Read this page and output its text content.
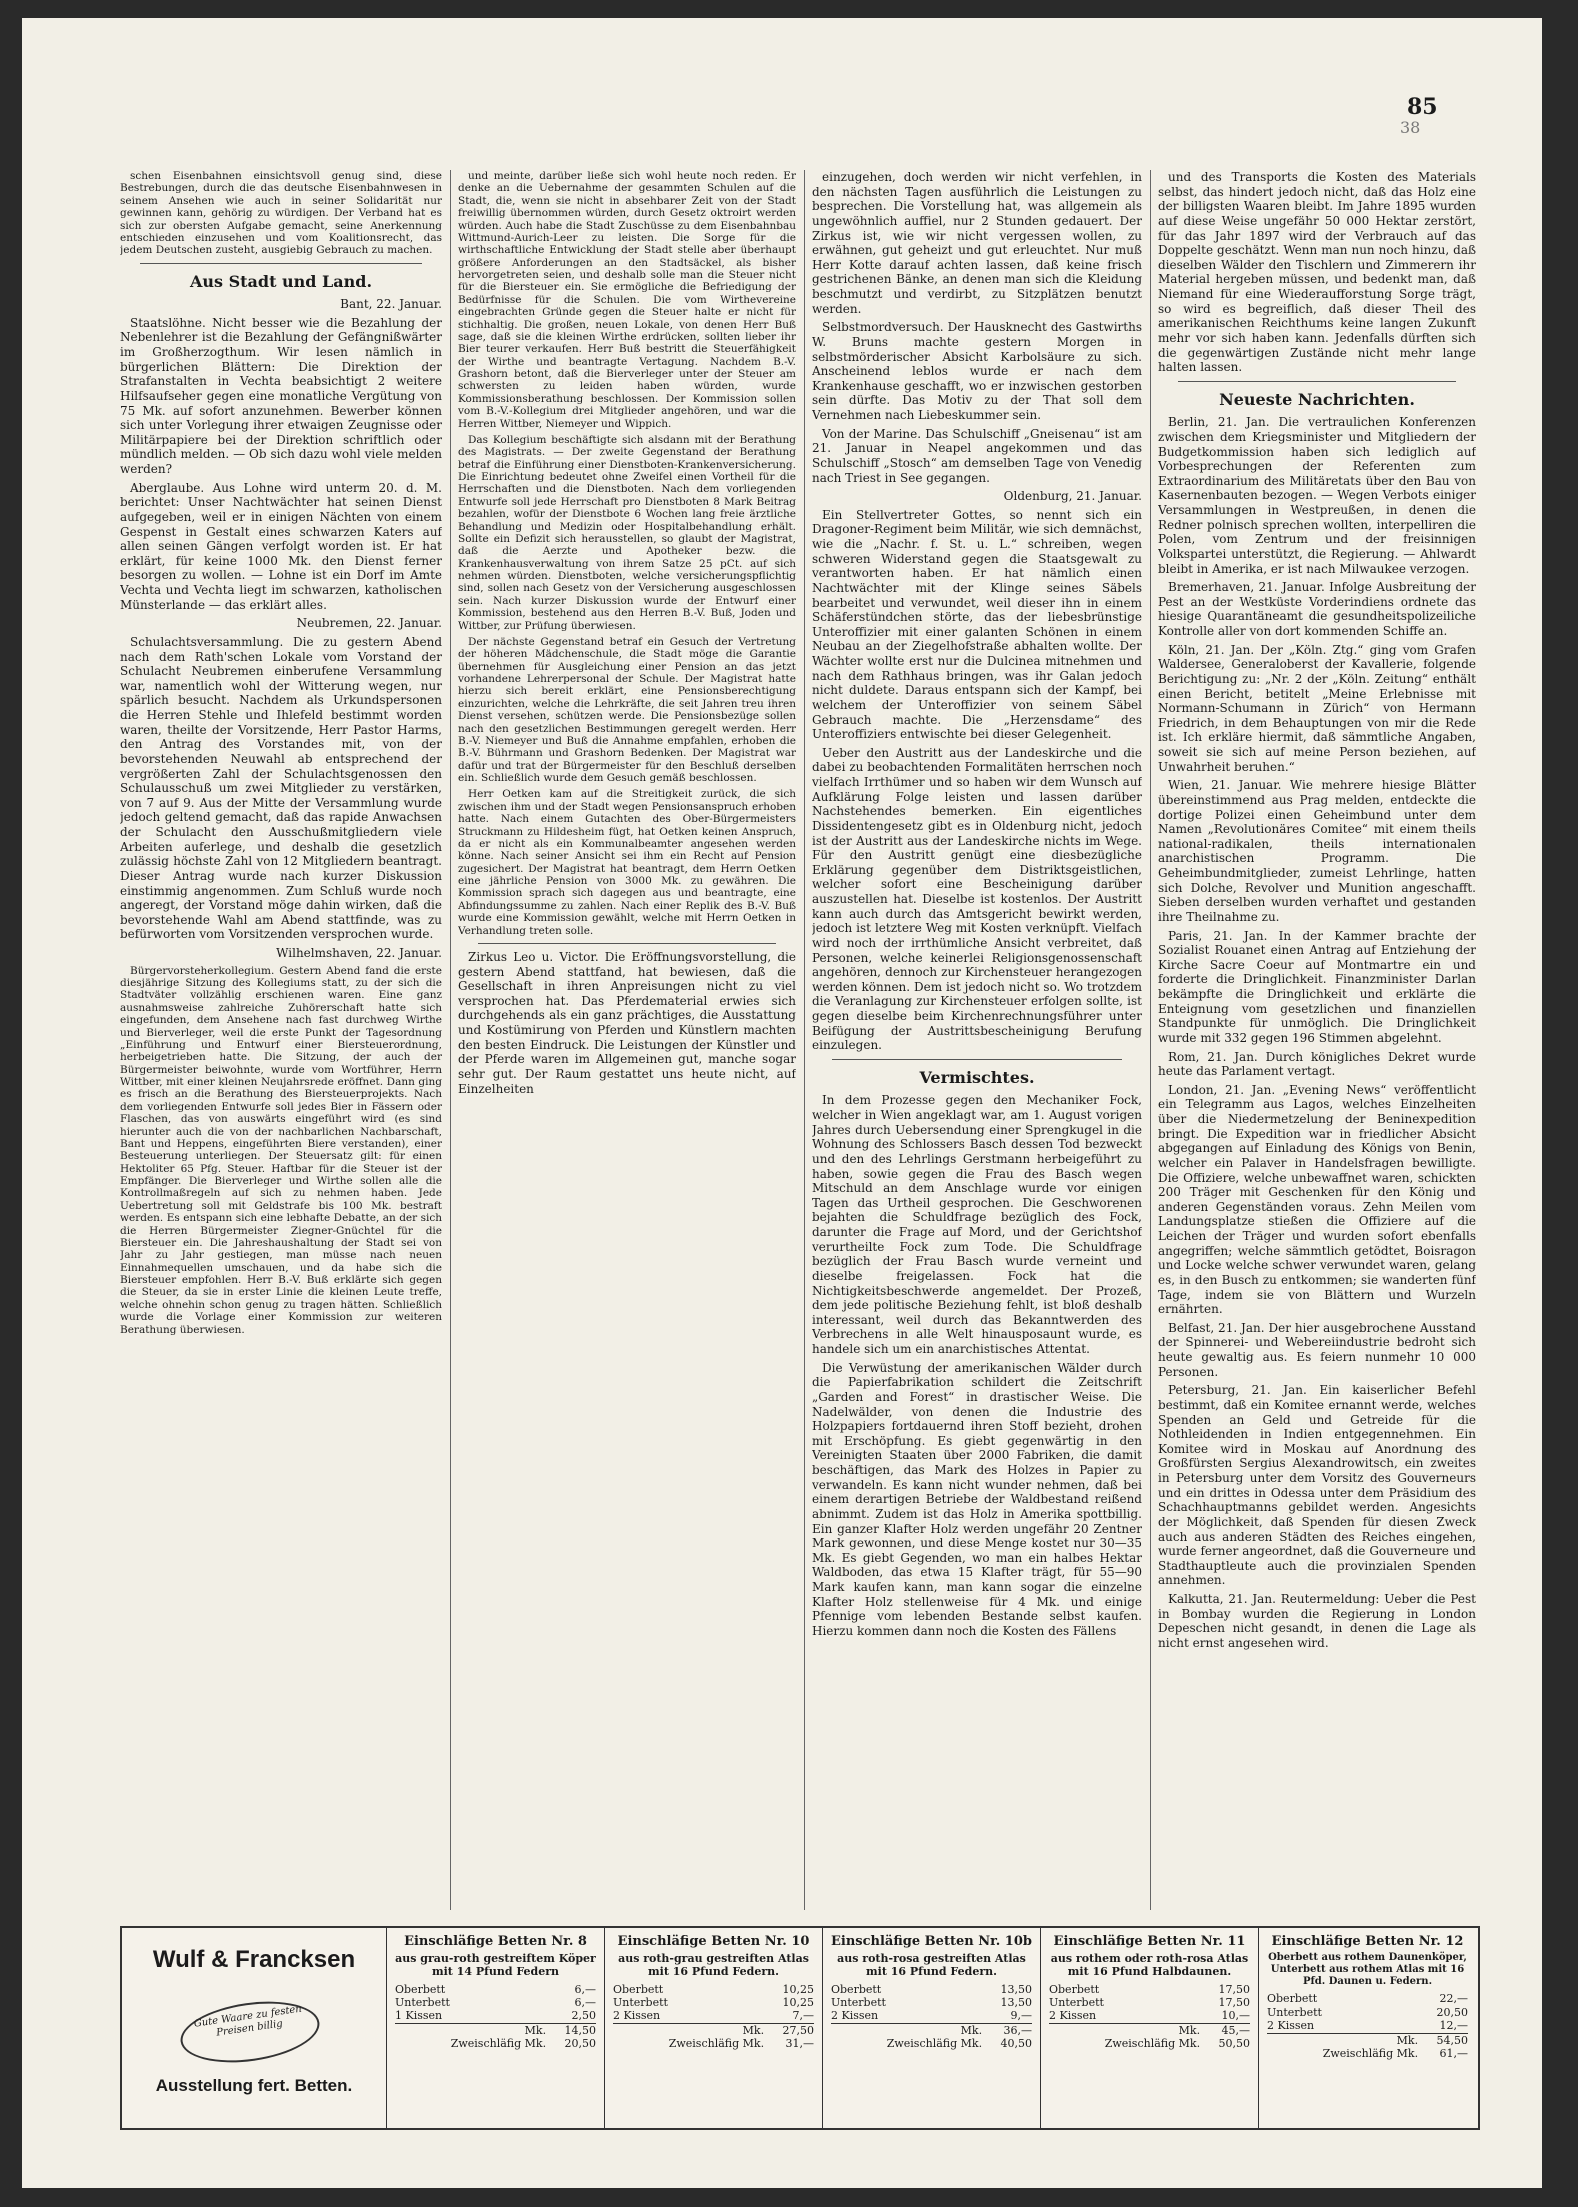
85
38

schen Eisenbahnen einsichtsvoll genug sind, diese Bestrebungen, durch die das deutsche Eisenbahnwesen in seinem Ansehen wie auch in seiner Solidarität nur gewinnen kann, gehörig zu würdigen. Der Verband hat es sich zur obersten Aufgabe gemacht, seine Anerkennung entschieden einzusehen und vom Koalitionsrecht, das jedem Deutschen zusteht, ausgiebig Gebrauch zu machen.

Aus Stadt und Land.
Bant, 22. Januar.

Staatslöhne. Nicht besser wie die Bezahlung der Nebenlehrer ist die Bezahlung der Gefängnißwärter im Großherzogthum. Wir lesen nämlich in bürgerlichen Blättern: Die Direktion der Strafanstalten in Vechta beabsichtigt 2 weitere Hilfsaufseher gegen eine monatliche Vergütung von 75 Mk. auf sofort anzunehmen. Bewerber können sich unter Vorlegung ihrer etwaigen Zeugnisse oder Militärpapiere bei der Direktion schriftlich oder mündlich melden. — Ob sich dazu wohl viele melden werden?

Aberglaube. Aus Lohne wird unterm 20. d. M. berichtet: Unser Nachtwächter hat seinen Dienst aufgegeben, weil er in einigen Nächten von einem Gespenst in Gestalt eines schwarzen Katers auf allen seinen Gängen verfolgt worden ist. Er hat erklärt, für keine 1000 Mk. den Dienst ferner besorgen zu wollen. — Lohne ist ein Dorf im Amte Vechta und Vechta liegt im schwarzen, katholischen Münsterlande — das erklärt alles.

Neubremen, 22. Januar.

Schulachtsversammlung. Die zu gestern Abend nach dem Rath'schen Lokale vom Vorstand der Schulacht Neubremen einberufene Versammlung war, namentlich wohl der Witterung wegen, nur spärlich besucht. Nachdem als Urkundspersonen die Herren Stehle und Ihlefeld bestimmt worden waren, theilte der Vorsitzende, Herr Pastor Harms, den Antrag des Vorstandes mit, von der bevorstehenden Neuwahl ab entsprechend der vergrößerten Zahl der Schulachtsgenossen den Schulausschuß um zwei Mitglieder zu verstärken, von 7 auf 9. Aus der Mitte der Versammlung wurde jedoch geltend gemacht, daß das rapide Anwachsen der Schulacht den Ausschußmitgliedern viele Arbeiten auferlege, und deshalb die gesetzlich zulässig höchste Zahl von 12 Mitgliedern beantragt. Dieser Antrag wurde nach kurzer Diskussion einstimmig angenommen. Zum Schluß wurde noch angeregt, der Vorstand möge dahin wirken, daß die bevorstehende Wahl am Abend stattfinde, was zu befürworten vom Vorsitzenden versprochen wurde.

Wilhelmshaven, 22. Januar.

Bürgervorsteherkollegium. Gestern Abend fand die erste diesjährige Sitzung des Kollegiums statt, zu der sich die Stadtväter vollzählig erschienen waren. Eine ganz ausnahmsweise zahlreiche Zuhörerschaft hatte sich eingefunden, dem Ansehene nach fast durchweg Wirthe und Bierverleger, weil die erste Punkt der Tagesordnung „Einführung und Entwurf einer Biersteuerordnung, herbeigetrieben hatte. Die Sitzung, der auch der Bürgermeister beiwohnte, wurde vom Wortführer, Herrn Wittber, mit einer kleinen Neujahrsrede eröffnet. Dann ging es frisch an die Berathung des Biersteuerprojekts. Nach dem vorliegenden Entwurfe soll jedes Bier in Fässern oder Flaschen, das von auswärts eingeführt wird (es sind hierunter auch die von der nachbarlichen Nachbarschaft, Bant und Heppens, eingeführten Biere verstanden), einer Besteuerung unterliegen. Der Steuersatz gilt: für einen Hektoliter 65 Pfg. Steuer. Haftbar für die Steuer ist der Empfänger. Die Bierverleger und Wirthe sollen alle die Kontrollmaßregeln auf sich zu nehmen haben. Jede Uebertretung soll mit Geldstrafe bis 100 Mk. bestraft werden. Es entspann sich eine lebhafte Debatte, an der sich die Herren Bürgermeister Ziegner-Gnüchtel für die Biersteuer ein. Die Jahreshaushaltung der Stadt sei von Jahr zu Jahr gestiegen, man müsse nach neuen Einnahmequellen umschauen, und da habe sich die Biersteuer empfohlen. Herr B.-V. Buß erklärte sich gegen die Steuer, da sie in erster Linie die kleinen Leute treffe, welche ohnehin schon genug zu tragen hätten. Schließlich wurde die Vorlage einer Kommission zur weiteren Berathung überwiesen.

und meinte, darüber ließe sich wohl heute noch reden. Er denke an die Uebernahme der gesammten Schulen auf die Stadt, die, wenn sie nicht in absehbarer Zeit von der Stadt freiwillig übernommen würden, durch Gesetz oktroirt werden würden. Auch habe die Stadt Zuschüsse zu dem Eisenbahnbau Wittmund-Aurich-Leer zu leisten. Die Sorge für die wirthschaftliche Entwicklung der Stadt stelle aber überhaupt größere Anforderungen an den Stadtsäckel, als bisher hervorgetreten seien, und deshalb solle man die Steuer nicht für die Biersteuer ein. Sie ermögliche die Befriedigung der Bedürfnisse für die Schulen. Die vom Wirthevereine eingebrachten Gründe gegen die Steuer halte er nicht für stichhaltig. Die großen, neuen Lokale, von denen Herr Buß sage, daß sie die kleinen Wirthe erdrücken, sollten lieber ihr Bier teurer verkaufen. Herr Buß bestritt die Steuerfähigkeit der Wirthe und beantragte Vertagung. Nachdem B.-V. Grashorn betont, daß die Bierverleger unter der Steuer am schwersten zu leiden haben würden, wurde Kommissionsberathung beschlossen. Der Kommission sollen vom B.-V.-Kollegium drei Mitglieder angehören, und war die Herren Wittber, Niemeyer und Wippich.

Das Kollegium beschäftigte sich alsdann mit der Berathung des Magistrats. — Der zweite Gegenstand der Berathung betraf die Einführung einer Dienstboten-Krankenversicherung. Die Einrichtung bedeutet ohne Zweifel einen Vortheil für die Herrschaften und die Dienstboten. Nach dem vorliegenden Entwurfe soll jede Herrschaft pro Dienstboten 8 Mark Beitrag bezahlen, wofür der Dienstbote 6 Wochen lang freie ärztliche Behandlung und Medizin oder Hospitalbehandlung erhält. Sollte ein Defizit sich herausstellen, so glaubt der Magistrat, daß die Aerzte und Apotheker bezw. die Krankenhausverwaltung von ihrem Satze 25 pCt. auf sich nehmen würden. Dienstboten, welche versicherungspflichtig sind, sollen nach Gesetz von der Versicherung ausgeschlossen sein. Nach kurzer Diskussion wurde der Entwurf einer Kommission, bestehend aus den Herren B.-V. Buß, Joden und Wittber, zur Prüfung überwiesen.

Der nächste Gegenstand betraf ein Gesuch der Vertretung der höheren Mädchenschule, die Stadt möge die Garantie übernehmen für Ausgleichung einer Pension an das jetzt vorhandene Lehrerpersonal der Schule. Der Magistrat hatte hierzu sich bereit erklärt, eine Pensionsberechtigung einzurichten, welche die Lehrkräfte, die seit Jahren treu ihren Dienst versehen, schützen werde. Die Pensionsbezüge sollen nach den gesetzlichen Bestimmungen geregelt werden. Herr B.-V. Niemeyer und Buß die Annahme empfahlen, erhoben die B.-V. Bührmann und Grashorn Bedenken. Der Magistrat war dafür und trat der Bürgermeister für den Beschluß derselben ein. Schließlich wurde dem Gesuch gemäß beschlossen.

Herr Oetken kam auf die Streitigkeit zurück, die sich zwischen ihm und der Stadt wegen Pensionsanspruch erhoben hatte. Nach einem Gutachten des Ober-Bürgermeisters Struckmann zu Hildesheim fügt, hat Oetken keinen Anspruch, da er nicht als ein Kommunalbeamter angesehen werden könne. Nach seiner Ansicht sei ihm ein Recht auf Pension zugesichert. Der Magistrat hat beantragt, dem Herrn Oetken eine jährliche Pension von 3000 Mk. zu gewähren. Die Kommission sprach sich dagegen aus und beantragte, eine Abfindungssumme zu zahlen. Nach einer Replik des B.-V. Buß wurde eine Kommission gewählt, welche mit Herrn Oetken in Verhandlung treten solle.

Zirkus Leo u. Victor. Die Eröffnungsvorstellung, die gestern Abend stattfand, hat bewiesen, daß die Gesellschaft in ihren Anpreisungen nicht zu viel versprochen hat. Das Pferdematerial erwies sich durchgehends als ein ganz prächtiges, die Ausstattung und Kostümirung von Pferden und Künstlern machten den besten Eindruck. Die Leistungen der Künstler und der Pferde waren im Allgemeinen gut, manche sogar sehr gut. Der Raum gestattet uns heute nicht, auf Einzelheiten

einzugehen, doch werden wir nicht verfehlen, in den nächsten Tagen ausführlich die Leistungen zu besprechen. Die Vorstellung hat, was allgemein als ungewöhnlich auffiel, nur 2 Stunden gedauert. Der Zirkus ist, wie wir nicht vergessen wollen, zu erwähnen, gut geheizt und gut erleuchtet. Nur muß Herr Kotte darauf achten lassen, daß keine frisch gestrichenen Bänke, an denen man sich die Kleidung beschmutzt und verdirbt, zu Sitzplätzen benutzt werden.

Selbstmordversuch. Der Hausknecht des Gastwirths W. Bruns machte gestern Morgen in selbstmörderischer Absicht Karbolsäure zu sich. Anscheinend leblos wurde er nach dem Krankenhause geschafft, wo er inzwischen gestorben sein dürfte. Das Motiv zu der That soll dem Vernehmen nach Liebeskummer sein.

Von der Marine. Das Schulschiff „Gneisenau“ ist am 21. Januar in Neapel angekommen und das Schulschiff „Stosch“ am demselben Tage von Venedig nach Triest in See gegangen.

Oldenburg, 21. Januar.

Ein Stellvertreter Gottes, so nennt sich ein Dragoner-Regiment beim Militär, wie sich demnächst, wie die „Nachr. f. St. u. L.“ schreiben, wegen schweren Widerstand gegen die Staatsgewalt zu verantworten haben. Er hat nämlich einen Nachtwächter mit der Klinge seines Säbels bearbeitet und verwundet, weil dieser ihn in einem Schäferstündchen störte, das der liebesbrünstige Unteroffizier mit einer galanten Schönen in einem Neubau an der Ziegelhofstraße abhalten wollte. Der Wächter wollte erst nur die Dulcinea mitnehmen und nach dem Rathhaus bringen, was ihr Galan jedoch nicht duldete. Daraus entspann sich der Kampf, bei welchem der Unteroffizier von seinem Säbel Gebrauch machte. Die „Herzensdame“ des Unteroffiziers entwischte bei dieser Gelegenheit.

Ueber den Austritt aus der Landeskirche und die dabei zu beobachtenden Formalitäten herrschen noch vielfach Irrthümer und so haben wir dem Wunsch auf Aufklärung Folge leisten und lassen darüber Nachstehendes bemerken. Ein eigentliches Dissidentengesetz gibt es in Oldenburg nicht, jedoch ist der Austritt aus der Landeskirche nichts im Wege. Für den Austritt genügt eine diesbezügliche Erklärung gegenüber dem Distriktsgeistlichen, welcher sofort eine Bescheinigung darüber auszustellen hat. Dieselbe ist kostenlos. Der Austritt kann auch durch das Amtsgericht bewirkt werden, jedoch ist letztere Weg mit Kosten verknüpft. Vielfach wird noch der irrthümliche Ansicht verbreitet, daß Personen, welche keinerlei Religionsgenossenschaft angehören, dennoch zur Kirchensteuer herangezogen werden können. Dem ist jedoch nicht so. Wo trotzdem die Veranlagung zur Kirchensteuer erfolgen sollte, ist gegen dieselbe beim Kirchenrechnungsführer unter Beifügung der Austrittsbescheinigung Berufung einzulegen.

Vermischtes.

In dem Prozesse gegen den Mechaniker Fock, welcher in Wien angeklagt war, am 1. August vorigen Jahres durch Uebersendung einer Sprengkugel in die Wohnung des Schlossers Basch dessen Tod bezweckt und den des Lehrlings Gerstmann herbeigeführt zu haben, sowie gegen die Frau des Basch wegen Mitschuld an dem Anschlage wurde vor einigen Tagen das Urtheil gesprochen. Die Geschworenen bejahten die Schuldfrage bezüglich des Fock, darunter die Frage auf Mord, und der Gerichtshof verurtheilte Fock zum Tode. Die Schuldfrage bezüglich der Frau Basch wurde verneint und dieselbe freigelassen. Fock hat die Nichtigkeitsbeschwerde angemeldet. Der Prozeß, dem jede politische Beziehung fehlt, ist bloß deshalb interessant, weil durch das Bekanntwerden des Verbrechens in alle Welt hinausposaunt wurde, es handele sich um ein anarchistisches Attentat.

Die Verwüstung der amerikanischen Wälder durch die Papierfabrikation schildert die Zeitschrift „Garden and Forest“ in drastischer Weise. Die Nadelwälder, von denen die Industrie des Holzpapiers fortdauernd ihren Stoff bezieht, drohen mit Erschöpfung. Es giebt gegenwärtig in den Vereinigten Staaten über 2000 Fabriken, die damit beschäftigen, das Mark des Holzes in Papier zu verwandeln. Es kann nicht wunder nehmen, daß bei einem derartigen Betriebe der Waldbestand reißend abnimmt. Zudem ist das Holz in Amerika spottbillig. Ein ganzer Klafter Holz werden ungefähr 20 Zentner Mark gewonnen, und diese Menge kostet nur 30—35 Mk. Es giebt Gegenden, wo man ein halbes Hektar Waldboden, das etwa 15 Klafter trägt, für 55—90 Mark kaufen kann, man kann sogar die einzelne Klafter Holz stellenweise für 4 Mk. und einige Pfennige vom lebenden Bestande selbst kaufen. Hierzu kommen dann noch die Kosten des Fällens

und des Transports die Kosten des Materials selbst, das hindert jedoch nicht, daß das Holz eine der billigsten Waaren bleibt. Im Jahre 1895 wurden auf diese Weise ungefähr 50 000 Hektar zerstört, für das Jahr 1897 wird der Verbrauch auf das Doppelte geschätzt. Wenn man nun noch hinzu, daß dieselben Wälder den Tischlern und Zimmerern ihr Material hergeben müssen, und bedenkt man, daß Niemand für eine Wiederaufforstung Sorge trägt, so wird es begreiflich, daß dieser Theil des amerikanischen Reichthums keine langen Zukunft mehr vor sich haben kann. Jedenfalls dürften sich die gegenwärtigen Zustände nicht mehr lange halten lassen.

Neueste Nachrichten.

Berlin, 21. Jan. Die vertraulichen Konferenzen zwischen dem Kriegsminister und Mitgliedern der Budgetkommission haben sich lediglich auf Vorbesprechungen der Referenten zum Extraordinarium des Militäretats über den Bau von Kasernenbauten bezogen. — Wegen Verbots einiger Versammlungen in Westpreußen, in denen die Redner polnisch sprechen wollten, interpelliren die Polen, vom Zentrum und der freisinnigen Volkspartei unterstützt, die Regierung. — Ahlwardt bleibt in Amerika, er ist nach Milwaukee verzogen.

Bremerhaven, 21. Januar. Infolge Ausbreitung der Pest an der Westküste Vorderindiens ordnete das hiesige Quarantäneamt die gesundheitspolizeiliche Kontrolle aller von dort kommenden Schiffe an.

Köln, 21. Jan. Der „Köln. Ztg.“ ging vom Grafen Waldersee, Generaloberst der Kavallerie, folgende Berichtigung zu: „Nr. 2 der „Köln. Zeitung“ enthält einen Bericht, betitelt „Meine Erlebnisse mit Normann-Schumann in Zürich“ von Hermann Friedrich, in dem Behauptungen von mir die Rede ist. Ich erkläre hiermit, daß sämmtliche Angaben, soweit sie sich auf meine Person beziehen, auf Unwahrheit beruhen.“

Wien, 21. Januar. Wie mehrere hiesige Blätter übereinstimmend aus Prag melden, entdeckte die dortige Polizei einen Geheimbund unter dem Namen „Revolutionäres Comitee“ mit einem theils national-radikalen, theils internationalen anarchistischen Programm. Die Geheimbundmitglieder, zumeist Lehrlinge, hatten sich Dolche, Revolver und Munition angeschafft. Sieben derselben wurden verhaftet und gestanden ihre Theilnahme zu.

Paris, 21. Jan. In der Kammer brachte der Sozialist Rouanet einen Antrag auf Entziehung der Kirche Sacre Coeur auf Montmartre ein und forderte die Dringlichkeit. Finanzminister Darlan bekämpfte die Dringlichkeit und erklärte die Enteignung vom gesetzlichen und finanziellen Standpunkte für unmöglich. Die Dringlichkeit wurde mit 332 gegen 196 Stimmen abgelehnt.

Rom, 21. Jan. Durch königliches Dekret wurde heute das Parlament vertagt.

London, 21. Jan. „Evening News“ veröffentlicht ein Telegramm aus Lagos, welches Einzelheiten über die Niedermetzelung der Beninexpedition bringt. Die Expedition war in friedlicher Absicht abgegangen auf Einladung des Königs von Benin, welcher ein Palaver in Handelsfragen bewilligte. Die Offiziere, welche unbewaffnet waren, schickten 200 Träger mit Geschenken für den König und anderen Gegenständen voraus. Zehn Meilen vom Landungsplatze stießen die Offiziere auf die Leichen der Träger und wurden sofort ebenfalls angegriffen; welche sämmtlich getödtet, Boisragon und Locke welche schwer verwundet waren, gelang es, in den Busch zu entkommen; sie wanderten fünf Tage, indem sie von Blättern und Wurzeln ernährten.

Belfast, 21. Jan. Der hier ausgebrochene Ausstand der Spinnerei- und Webereiindustrie bedroht sich heute gewaltig aus. Es feiern nunmehr 10 000 Personen.

Petersburg, 21. Jan. Ein kaiserlicher Befehl bestimmt, daß ein Komitee ernannt werde, welches Spenden an Geld und Getreide für die Nothleidenden in Indien entgegennehmen. Ein Komitee wird in Moskau auf Anordnung des Großfürsten Sergius Alexandrowitsch, ein zweites in Petersburg unter dem Vorsitz des Gouverneurs und ein drittes in Odessa unter dem Präsidium des Schachhauptmanns gebildet werden. Angesichts der Möglichkeit, daß Spenden für diesen Zweck auch aus anderen Städten des Reiches eingehen, wurde ferner angeordnet, daß die Gouverneure und Stadthauptleute auch die provinzialen Spenden annehmen.

Kalkutta, 21. Jan. Reutermeldung: Ueber die Pest in Bombay wurden die Regierung in London Depeschen nicht gesandt, in denen die Lage als nicht ernst angesehen wird.

Wulf & Francksen
Gute Waare zu festen Preisen billig
Ausstellung fert. Betten.
Einschläfige Betten Nr. 8
aus grau-roth gestreiftem Köper mit 14 Pfund Federn
Oberbett	6,—
Unterbett	6,—
1 Kissen	2,50
Mk.	14,50
Zweischläfig Mk.	20,50
Einschläfige Betten Nr. 10
aus roth-grau gestreiften Atlas mit 16 Pfund Federn.
Oberbett	10,25
Unterbett	10,25
2 Kissen	7,—
Mk.	27,50
Zweischläfig Mk.	31,—
Einschläfige Betten Nr. 10b
aus roth-rosa gestreiften Atlas mit 16 Pfund Federn.
Oberbett	13,50
Unterbett	13,50
2 Kissen	9,—
Mk.	36,—
Zweischläfig Mk.	40,50
Einschläfige Betten Nr. 11
aus rothem oder roth-rosa Atlas mit 16 Pfund Halbdaunen.
Oberbett	17,50
Unterbett	17,50
2 Kissen	10,—
Mk.	45,—
Zweischläfig Mk.	50,50
Einschläfige Betten Nr. 12
Oberbett aus rothem Daunenköper, Unterbett aus rothem Atlas mit 16 Pfd. Daunen u. Federn.
Oberbett	22,—
Unterbett	20,50
2 Kissen	12,—
Mk.	54,50
Zweischläfig Mk.	61,—
